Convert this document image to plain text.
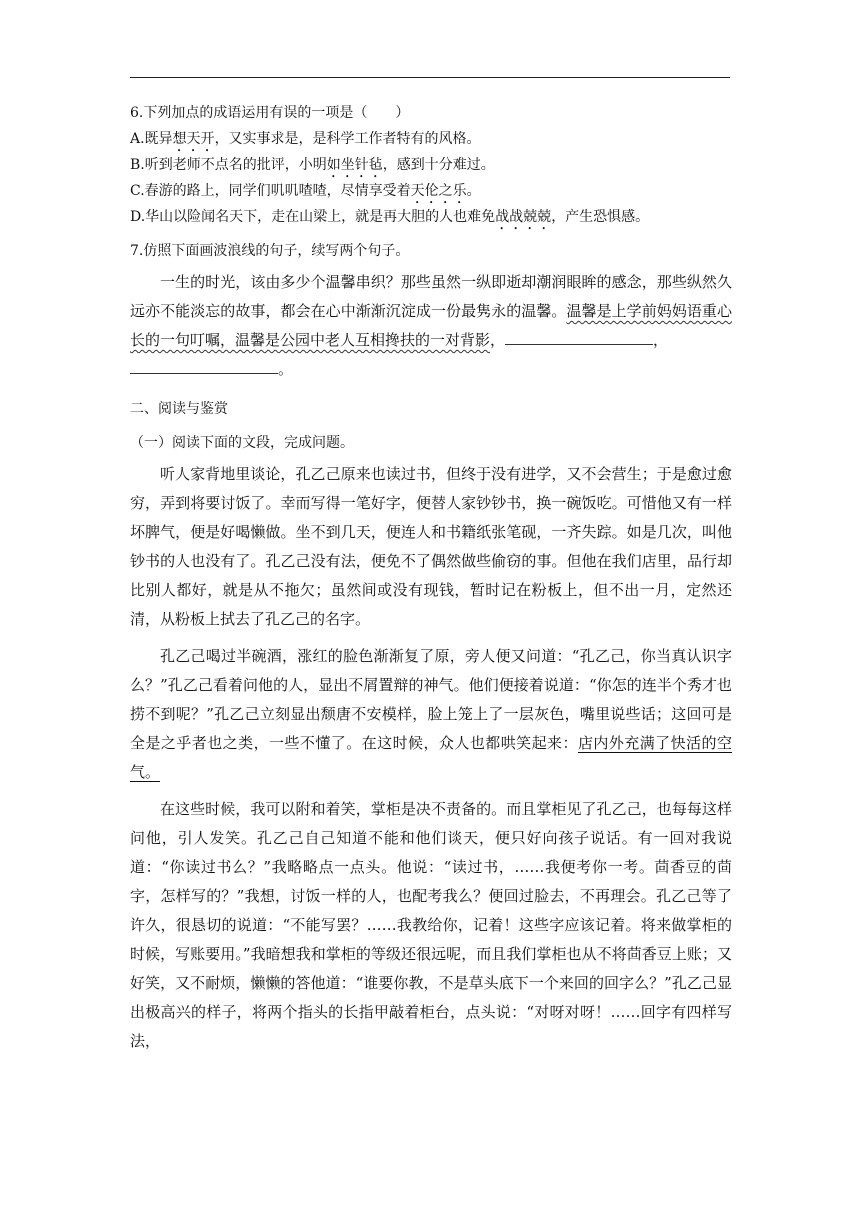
6.下列加点的成语运用有误的一项是（　　）
A.既异想天开，又实事求是，是科学工作者特有的风格。
B.听到老师不点名的批评，小明如坐针毡，感到十分难过。
C.春游的路上，同学们叽叽喳喳，尽情享受着天伦之乐。
D.华山以险闻名天下，走在山梁上，就是再大胆的人也难免战战兢兢，产生恐惧感。
7.仿照下面画波浪线的句子，续写两个句子。
一生的时光，该由多少个温馨串织？那些虽然一纵即逝却潮润眼眸的感念，那些纵然久远亦不能淡忘的故事，都会在心中渐渐沉淀成一份最隽永的温馨。温馨是上学前妈妈语重心长的一句叮嘱，温馨是公园中老人互相搀扶的一对背影，	，
。
二、阅读与鉴赏
（一）阅读下面的文段，完成问题。
听人家背地里谈论，孔乙己原来也读过书，但终于没有进学，又不会营生；于是愈过愈穷，弄到将要讨饭了。幸而写得一笔好字，便替人家钞钞书，换一碗饭吃。可惜他又有一样坏脾气，便是好喝懒做。坐不到几天，便连人和书籍纸张笔砚，一齐失踪。如是几次，叫他钞书的人也没有了。孔乙己没有法，便免不了偶然做些偷窃的事。但他在我们店里，品行却比别人都好，就是从不拖欠；虽然间或没有现钱，暂时记在粉板上，但不出一月，定然还清，从粉板上拭去了孔乙己的名字。
孔乙己喝过半碗酒，涨红的脸色渐渐复了原，旁人便又问道：“孔乙己，你当真认识字么？”孔乙己看着问他的人，显出不屑置辩的神气。他们便接着说道：“你怎的连半个秀才也捞不到呢？”孔乙己立刻显出颓唐不安模样，脸上笼上了一层灰色，嘴里说些话；这回可是全是之乎者也之类，一些不懂了。在这时候，众人也都哄笑起来：店内外充满了快活的空气。
在这些时候，我可以附和着笑，掌柜是决不责备的。而且掌柜见了孔乙己，也每每这样问他，引人发笑。孔乙己自己知道不能和他们谈天，便只好向孩子说话。有一回对我说道：“你读过书么？”我略略点一点头。他说：“读过书，……我便考你一考。茴香豆的茴字，怎样写的？”我想，讨饭一样的人，也配考我么？便回过脸去，不再理会。孔乙己等了许久，很恳切的说道：“不能写罢？……我教给你，记着！这些字应该记着。将来做掌柜的时候，写账要用。”我暗想我和掌柜的等级还很远呢，而且我们掌柜也从不将茴香豆上账；又好笑，又不耐烦，懒懒的答他道：“谁要你教，不是草头底下一个来回的回字么？”孔乙己显出极高兴的样子，将两个指头的长指甲敲着柜台，点头说：“对呀对呀！……回字有四样写法，
